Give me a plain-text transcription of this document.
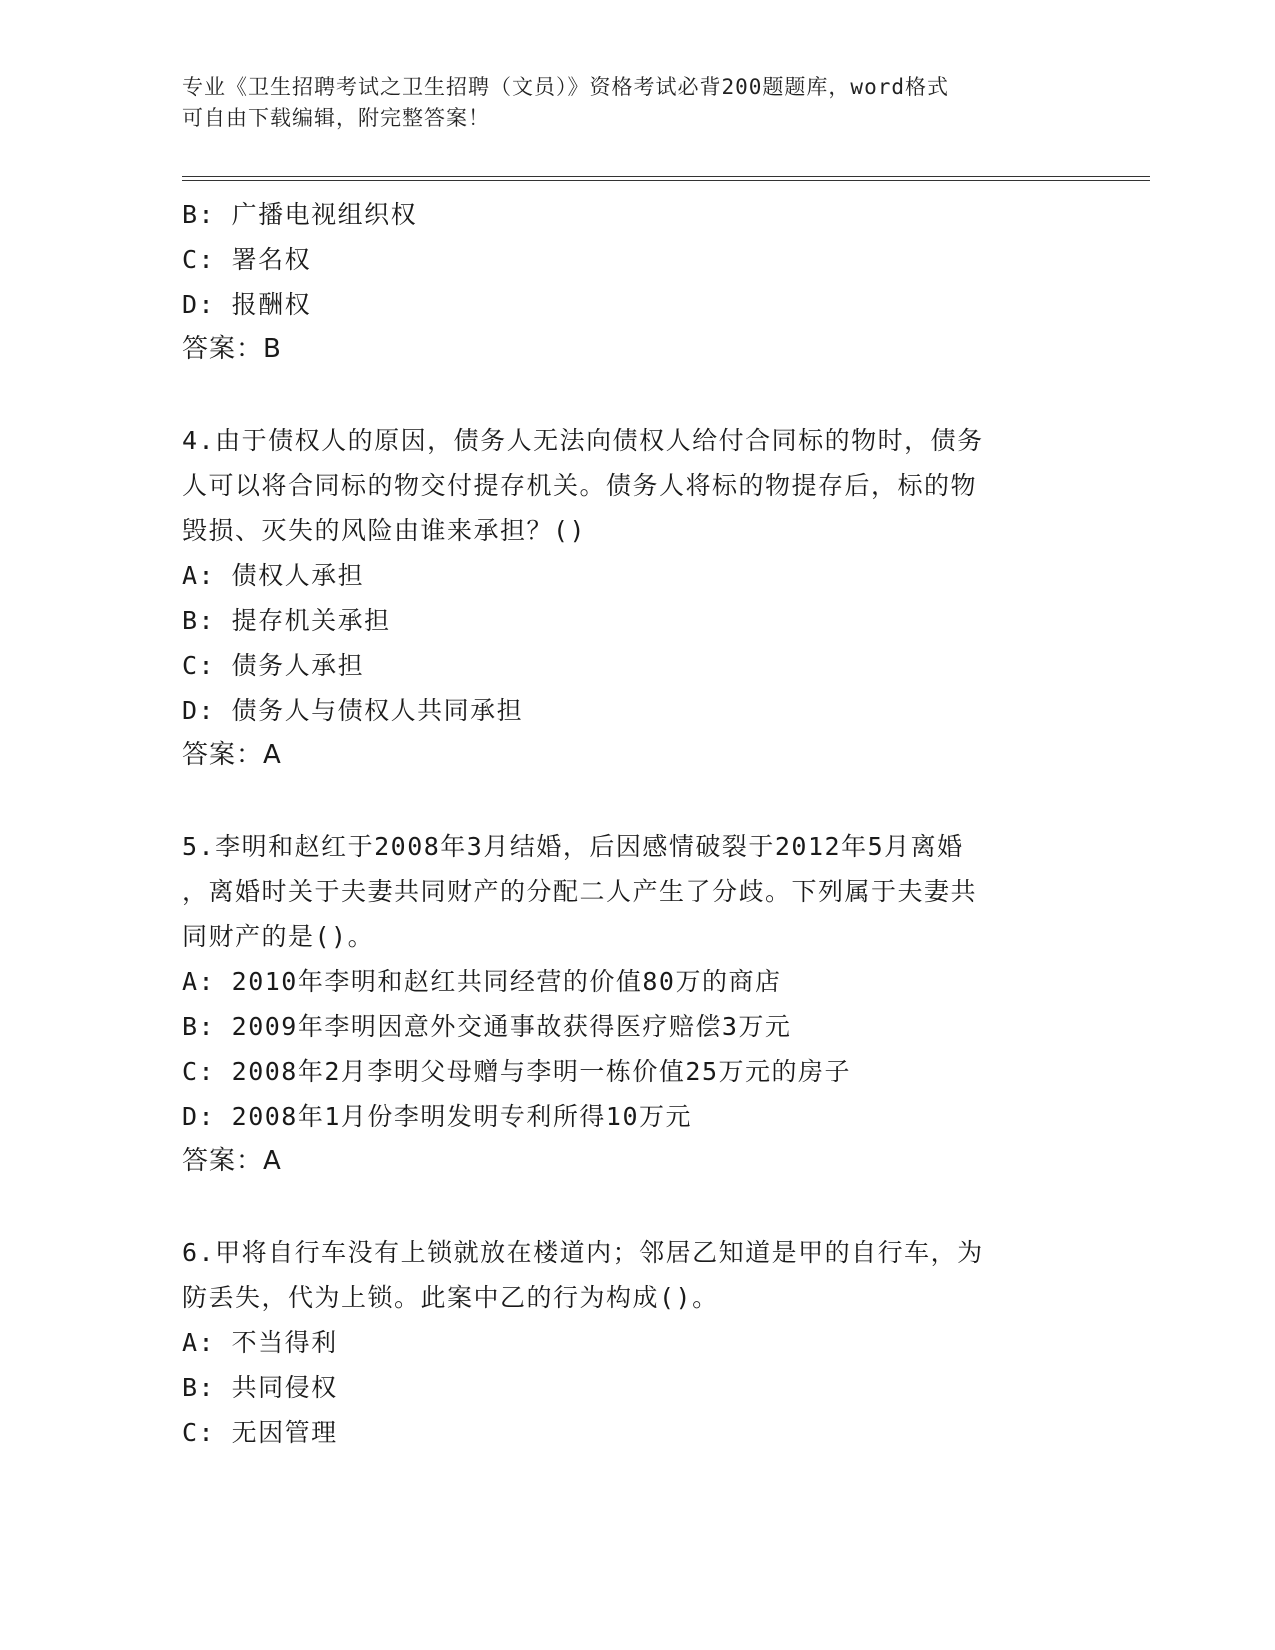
专业《卫生招聘考试之卫生招聘（文员）》资格考试必背200题题库，word格式
可自由下载编辑，附完整答案！
B: 广播电视组织权
C: 署名权
D: 报酬权
答案：B
4.由于债权人的原因，债务人无法向债权人给付合同标的物时，债务
人可以将合同标的物交付提存机关。债务人将标的物提存后，标的物
毁损、灭失的风险由谁来承担？()
A: 债权人承担
B: 提存机关承担
C: 债务人承担
D: 债务人与债权人共同承担
答案：A
5.李明和赵红于2008年3月结婚，后因感情破裂于2012年5月离婚
，离婚时关于夫妻共同财产的分配二人产生了分歧。下列属于夫妻共
同财产的是()。
A: 2010年李明和赵红共同经营的价值80万的商店
B: 2009年李明因意外交通事故获得医疗赔偿3万元
C: 2008年2月李明父母赠与李明一栋价值25万元的房子
D: 2008年1月份李明发明专利所得10万元
答案：A
6.甲将自行车没有上锁就放在楼道内；邻居乙知道是甲的自行车，为
防丢失，代为上锁。此案中乙的行为构成()。
A: 不当得利
B: 共同侵权
C: 无因管理
